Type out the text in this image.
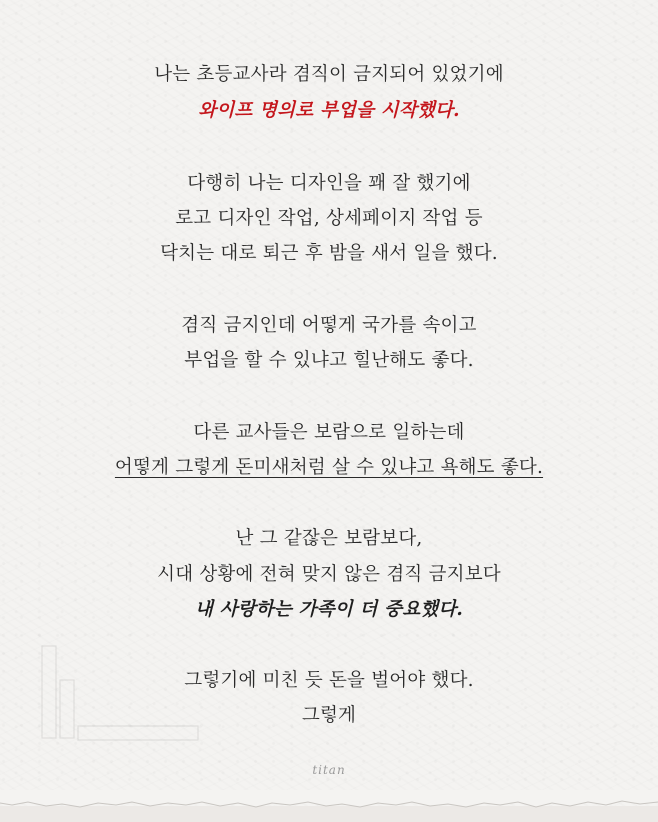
나는 초등교사라 겸직이 금지되어 있었기에
와이프 명의로 부업을 시작했다.
다행히 나는 디자인을 꽤 잘 했기에
로고 디자인 작업, 상세페이지 작업 등
닥치는 대로 퇴근 후 밤을 새서 일을 했다.
겸직 금지인데 어떻게 국가를 속이고
부업을 할 수 있냐고 힐난해도 좋다.
다른 교사들은 보람으로 일하는데
어떻게 그렇게 돈미새처럼 살 수 있냐고 욕해도 좋다.
난 그 같잖은 보람보다,
시대 상황에 전혀 맞지 않은 겸직 금지보다
내 사랑하는 가족이 더 중요했다.
그렇기에 미친 듯 돈을 벌어야 했다.
그렇게
titan
